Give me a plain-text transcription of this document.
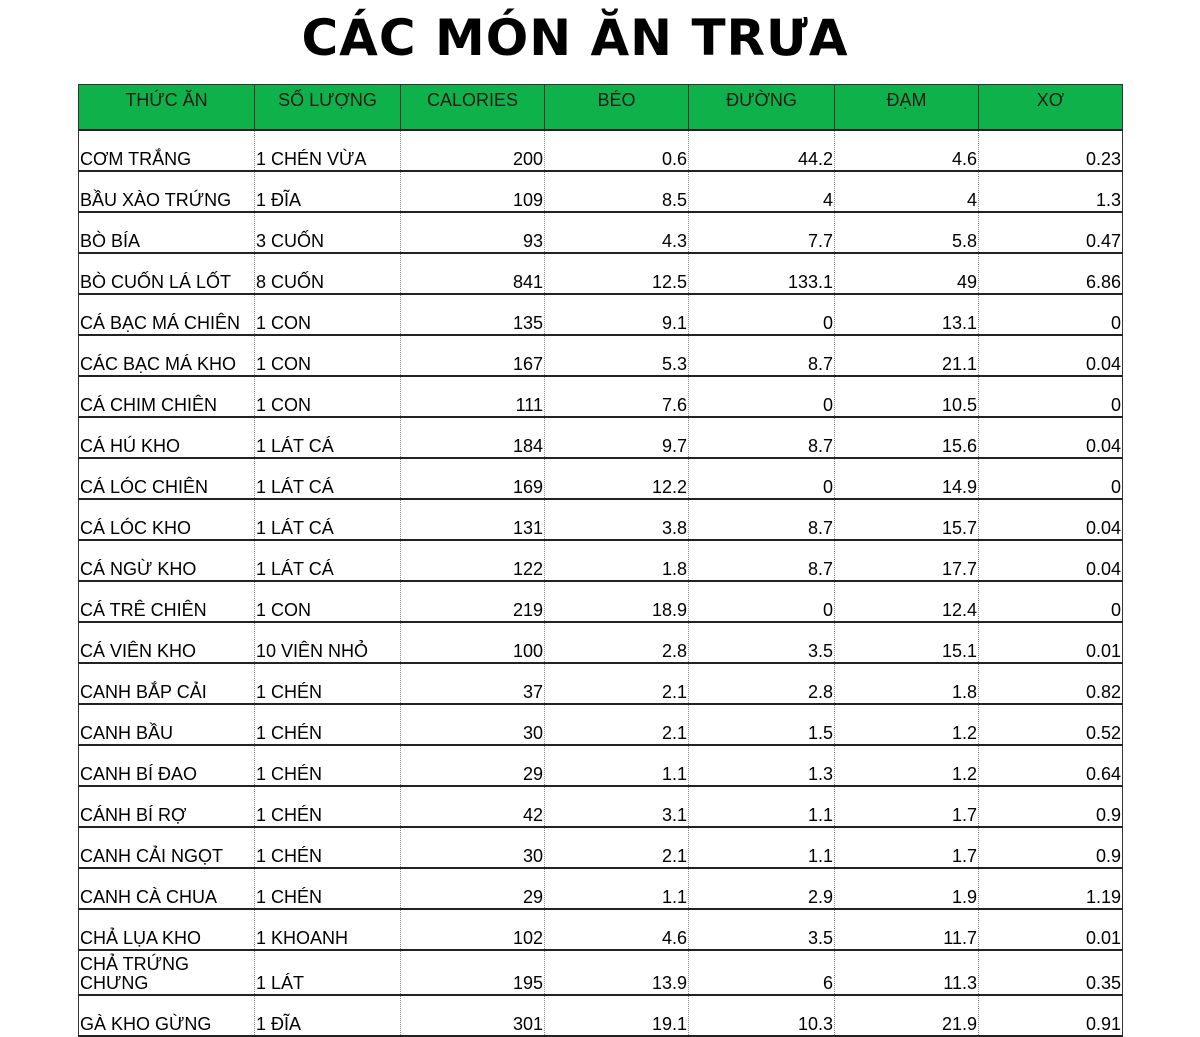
CÁC MÓN ĂN TRƯA
THỨC ĂN	SỐ LƯỢNG	CALORIES	BÉO	ĐƯỜNG	ĐẠM	XƠ
CƠM TRẮNG	1 CHÉN VỪA	200	0.6	44.2	4.6	0.23
BẦU XÀO TRỨNG	1 ĐĨA	109	8.5	4	4	1.3
BÒ BÍA	3 CUỐN	93	4.3	7.7	5.8	0.47
BÒ CUỐN LÁ LỐT	8 CUỐN	841	12.5	133.1	49	6.86
CÁ BẠC MÁ CHIÊN	1 CON	135	9.1	0	13.1	0
CÁC BẠC MÁ KHO	1 CON	167	5.3	8.7	21.1	0.04
CÁ CHIM CHIÊN	1 CON	111	7.6	0	10.5	0
CÁ HÚ KHO	1 LÁT CÁ	184	9.7	8.7	15.6	0.04
CÁ LÓC CHIÊN	1 LÁT CÁ	169	12.2	0	14.9	0
CÁ LÓC KHO	1 LÁT CÁ	131	3.8	8.7	15.7	0.04
CÁ NGỪ KHO	1 LÁT CÁ	122	1.8	8.7	17.7	0.04
CÁ TRÊ CHIÊN	1 CON	219	18.9	0	12.4	0
CÁ VIÊN KHO	10 VIÊN NHỎ	100	2.8	3.5	15.1	0.01
CANH BẮP CẢI	1 CHÉN	37	2.1	2.8	1.8	0.82
CANH BẦU	1 CHÉN	30	2.1	1.5	1.2	0.52
CANH BÍ ĐAO	1 CHÉN	29	1.1	1.3	1.2	0.64
CÁNH BÍ RỢ	1 CHÉN	42	3.1	1.1	1.7	0.9
CANH CẢI NGỌT	1 CHÉN	30	2.1	1.1	1.7	0.9
CANH CÀ CHUA	1 CHÉN	29	1.1	2.9	1.9	1.19
CHẢ LỤA KHO	1 KHOANH	102	4.6	3.5	11.7	0.01
CHẢ TRỨNG CHƯNG	1 LÁT	195	13.9	6	11.3	0.35
GÀ KHO GỪNG	1 ĐĨA	301	19.1	10.3	21.9	0.91
